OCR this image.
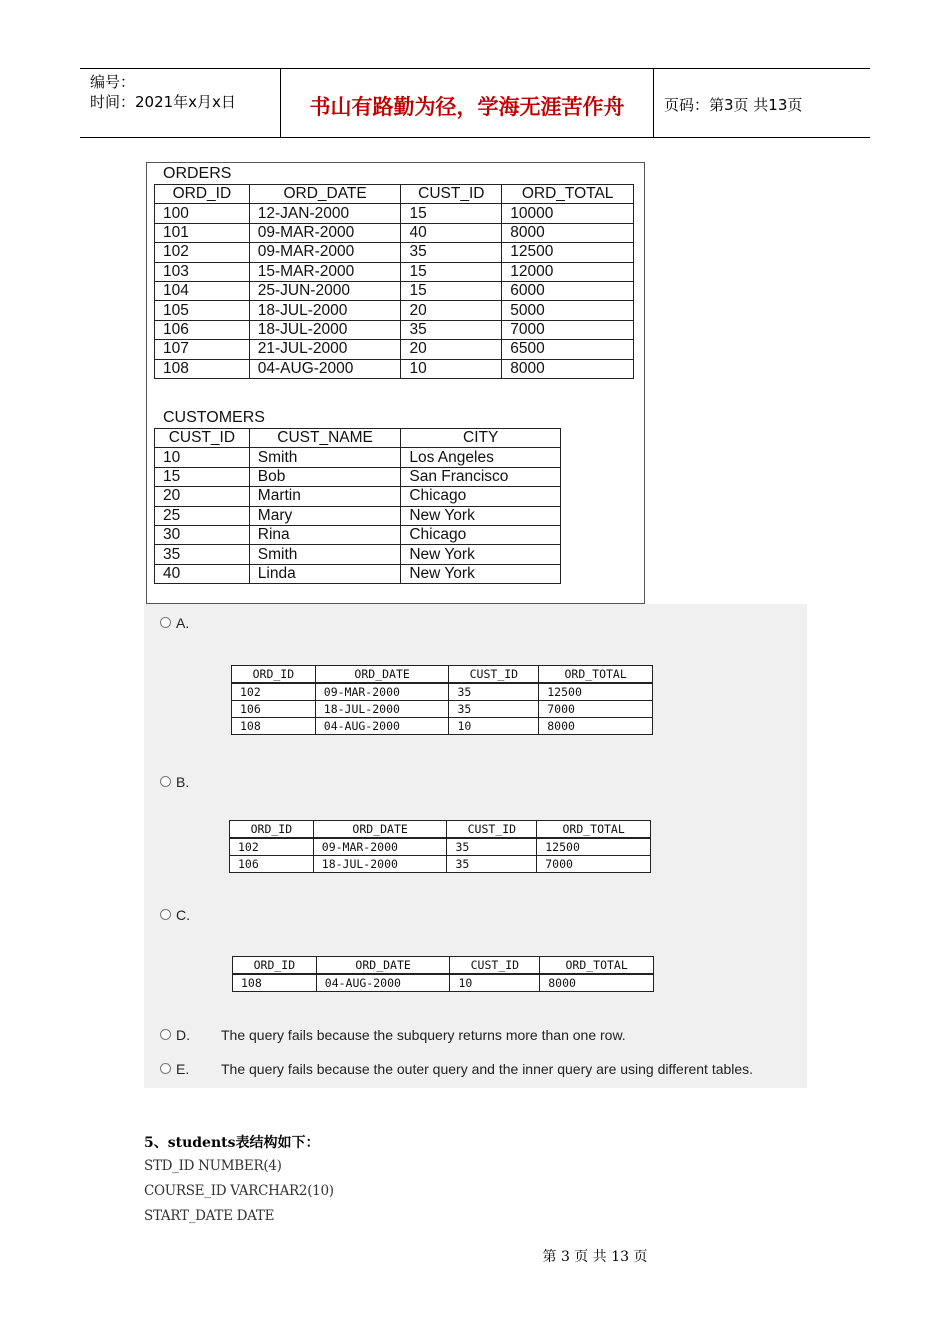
编号：
时间：2021年x月x日	书山有路勤为径，学海无涯苦作舟	页码：第3页 共13页
ORDERS
ORD_ID	ORD_DATE	CUST_ID	ORD_TOTAL
100	12-JAN-2000	15	10000
101	09-MAR-2000	40	8000
102	09-MAR-2000	35	12500
103	15-MAR-2000	15	12000
104	25-JUN-2000	15	6000
105	18-JUL-2000	20	5000
106	18-JUL-2000	35	7000
107	21-JUL-2000	20	6500
108	04-AUG-2000	10	8000
CUSTOMERS
CUST_ID	CUST_NAME	CITY
10	Smith	Los Angeles
15	Bob	San Francisco
20	Martin	Chicago
25	Mary	New York
30	Rina	Chicago
35	Smith	New York
40	Linda	New York
A.
ORD_ID	ORD_DATE	CUST_ID	ORD_TOTAL
102	09-MAR-2000	35	12500
106	18-JUL-2000	35	7000
108	04-AUG-2000	10	8000
B.
ORD_ID	ORD_DATE	CUST_ID	ORD_TOTAL
102	09-MAR-2000	35	12500
106	18-JUL-2000	35	7000
C.
ORD_ID	ORD_DATE	CUST_ID	ORD_TOTAL
108	04-AUG-2000	10	8000
D. The query fails because the subquery returns more than one row.
E. The query fails because the outer query and the inner query are using different tables.
5、students表结构如下：
STD_ID NUMBER(4)
COURSE_ID VARCHAR2(10)
START_DATE DATE
第 3 页 共 13 页
